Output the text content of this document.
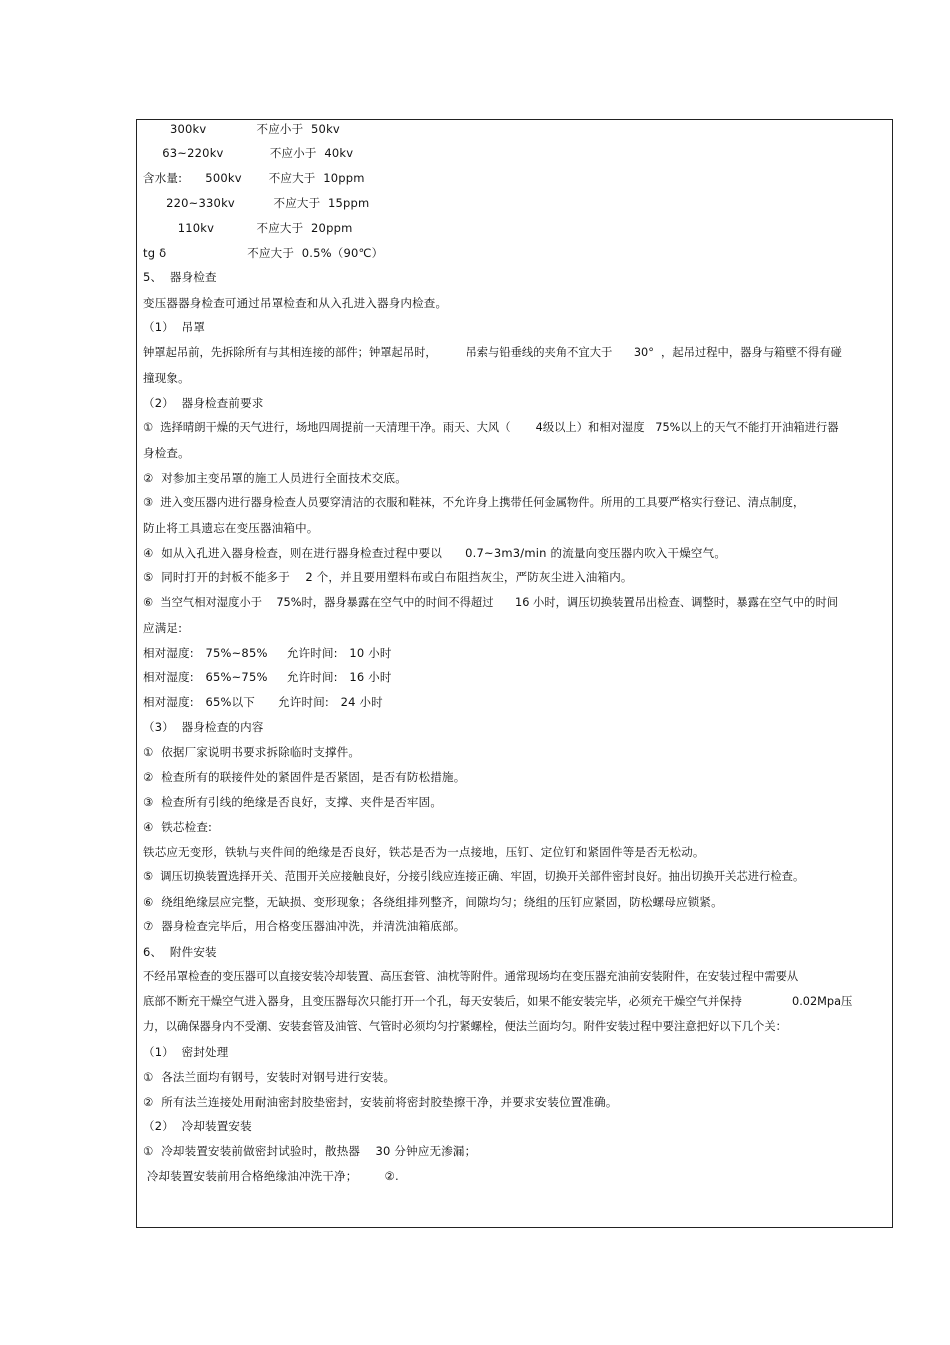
300kv             不应小于  50kv
63~220kv            不应小于  40kv
含水量:      500kv       不应大于  10ppm
220~330kv          不应大于  15ppm
110kv           不应大于  20ppm
tg δ                     不应大于  0.5%（90℃）
5、  器身检查
变压器器身检查可通过吊罩检查和从入孔进入器身内检查。
（1）  吊罩
钟罩起吊前，先拆除所有与其相连接的部件；钟罩起吊时，        吊索与铅垂线的夹角不宜大于      30°  ，起吊过程中，器身与箱壁不得有碰
撞现象。
（2）  器身检查前要求
①  选择晴朗干燥的天气进行，场地四周提前一天清理干净。雨天、大风（       4级以上）和相对湿度   75%以上的天气不能打开油箱进行器
身检查。
②  对参加主变吊罩的施工人员进行全面技术交底。
③  进入变压器内进行器身检查人员要穿清洁的衣服和鞋袜，不允许身上携带任何金属物件。所用的工具要严格实行登记、清点制度，
防止将工具遗忘在变压器油箱中。
④  如从入孔进入器身检查，则在进行器身检查过程中要以      0.7~3m3/min 的流量向变压器内吹入干燥空气。
⑤  同时打开的封板不能多于    2 个，并且要用塑料布或白布阻挡灰尘，严防灰尘进入油箱内。
⑥  当空气相对湿度小于    75%时，器身暴露在空气中的时间不得超过      16 小时，调压切换装置吊出检查、调整时，暴露在空气中的时间
应满足:
相对湿度:   75%~85%     允许时间:   10 小时
相对湿度:   65%~75%     允许时间:   16 小时
相对湿度:   65%以下      允许时间:   24 小时
（3）  器身检查的内容
①  依据厂家说明书要求拆除临时支撑件。
②  检查所有的联接件处的紧固件是否紧固，是否有防松措施。
③  检查所有引线的绝缘是否良好，支撑、夹件是否牢固。
④  铁芯检查:
铁芯应无变形，铁轨与夹件间的绝缘是否良好，铁芯是否为一点接地，压钉、定位钉和紧固件等是否无松动。
⑤  调压切换装置选择开关、范围开关应接触良好，分接引线应连接正确、牢固，切换开关部件密封良好。抽出切换开关芯进行检查。
⑥  绕组绝缘层应完整，无缺损、变形现象；各绕组排列整齐，间隙均匀；绕组的压钉应紧固，防松螺母应锁紧。
⑦  器身检查完毕后，用合格变压器油冲洗，并清洗油箱底部。
6、  附件安装
不经吊罩检查的变压器可以直接安装冷却装置、高压套管、油枕等附件。通常现场均在变压器充油前安装附件，在安装过程中需要从
底部不断充干燥空气进入器身，且变压器每次只能打开一个孔，每天安装后，如果不能安装完毕，必须充干燥空气并保持              0.02Mpa压
力，以确保器身内不受潮、安装套管及油管、气管时必须均匀拧紧螺栓，便法兰面均匀。附件安装过程中要注意把好以下几个关：
（1）  密封处理
①  各法兰面均有钢号，安装时对钢号进行安装。
②  所有法兰连接处用耐油密封胶垫密封，安装前将密封胶垫擦干净，并要求安装位置准确。
（2）  冷却装置安装
①  冷却装置安装前做密封试验时，散热器    30 分钟应无渗漏；
冷却装置安装前用合格绝缘油冲洗干净；       ②.
